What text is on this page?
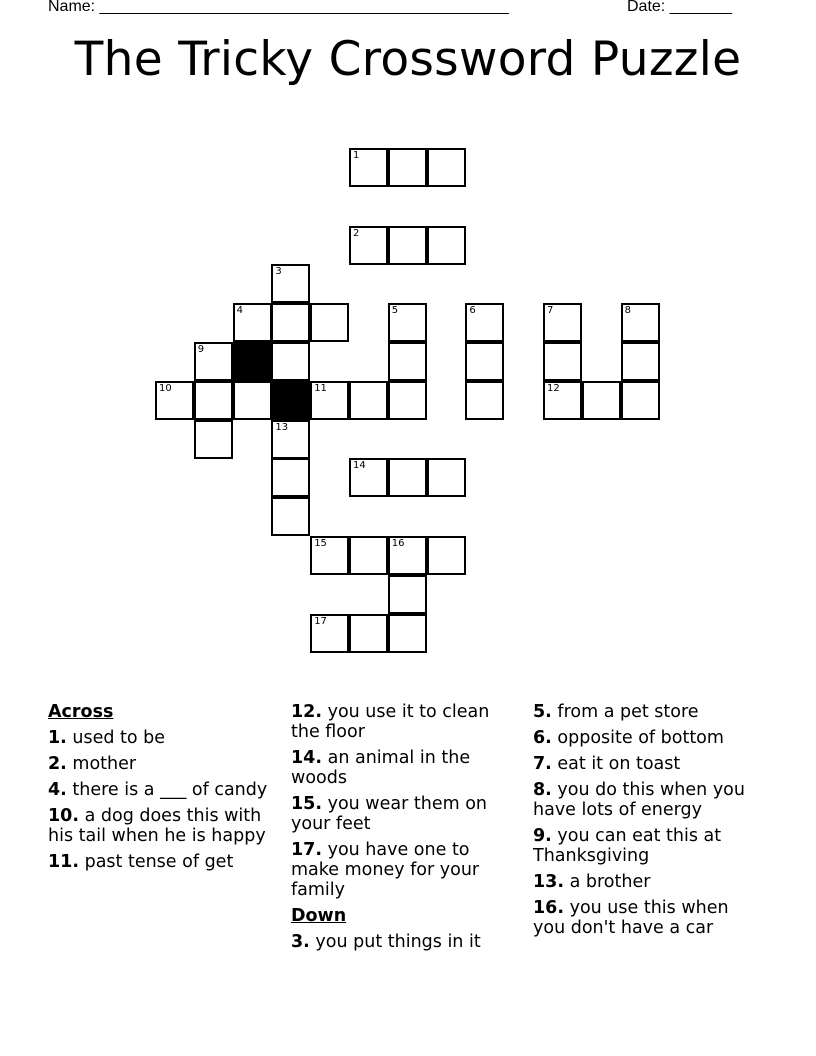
Name: ______________________________________________	Date: _______
The Tricky Crossword Puzzle
1
2
3
4	5	6	7	8
9
10	11	12
13
14
15	16
17
Across
1. used to be
2. mother
4. there is a ___ of candy
10. a dog does this with his tail when he is happy
11. past tense of get
12. you use it to clean the floor
14. an animal in the woods
15. you wear them on your feet
17. you have one to make money for your family
Down
3. you put things in it
5. from a pet store
6. opposite of bottom
7. eat it on toast
8. you do this when you have lots of energy
9. you can eat this at Thanksgiving
13. a brother
16. you use this when you don't have a car
